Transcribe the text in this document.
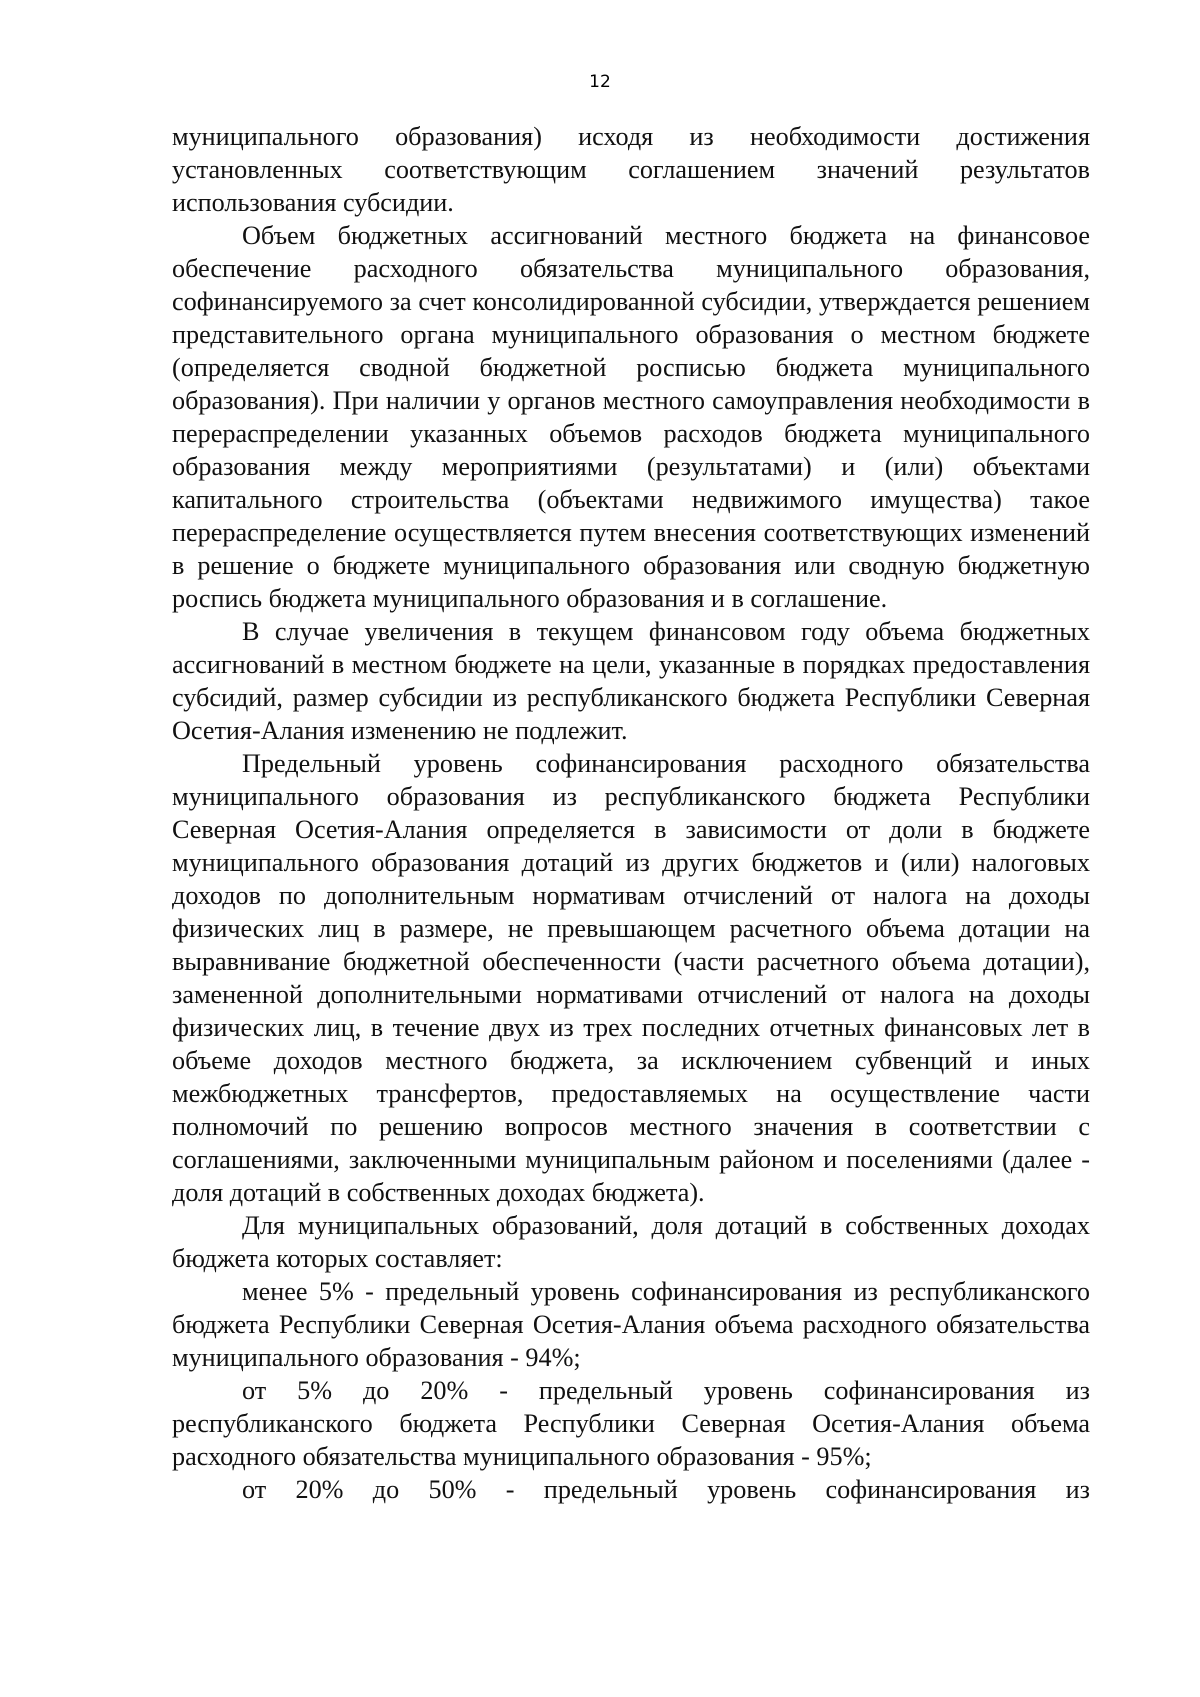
12

муниципального образования) исходя из необходимости достижения установленных соответствующим соглашением значений результатов использования субсидии.

Объем бюджетных ассигнований местного бюджета на финансовое обеспечение расходного обязательства муниципального образования, софинансируемого за счет консолидированной субсидии, утверждается решением представительного органа муниципального образования о местном бюджете (определяется сводной бюджетной росписью бюджета муниципального образования). При наличии у органов местного самоуправления необходимости в перераспределении указанных объемов расходов бюджета муниципального образования между мероприятиями (результатами) и (или) объектами капитального строительства (объектами недвижимого имущества) такое перераспределение осуществляется путем внесения соответствующих изменений в решение о бюджете муниципального образования или сводную бюджетную роспись бюджета муниципального образования и в соглашение.

В случае увеличения в текущем финансовом году объема бюджетных ассигнований в местном бюджете на цели, указанные в порядках предоставления субсидий, размер субсидии из республиканского бюджета Республики Северная Осетия-Алания изменению не подлежит.

Предельный уровень софинансирования расходного обязательства муниципального образования из республиканского бюджета Республики Северная Осетия-Алания определяется в зависимости от доли в бюджете муниципального образования дотаций из других бюджетов и (или) налоговых доходов по дополнительным нормативам отчислений от налога на доходы физических лиц в размере, не превышающем расчетного объема дотации на выравнивание бюджетной обеспеченности (части расчетного объема дотации), замененной дополнительными нормативами отчислений от налога на доходы физических лиц, в течение двух из трех последних отчетных финансовых лет в объеме доходов местного бюджета, за исключением субвенций и иных межбюджетных трансфертов, предоставляемых на осуществление части полномочий по решению вопросов местного значения в соответствии с соглашениями, заключенными муниципальным районом и поселениями (далее - доля дотаций в собственных доходах бюджета).

Для муниципальных образований, доля дотаций в собственных доходах бюджета которых составляет:

менее 5% - предельный уровень софинансирования из республиканского бюджета Республики Северная Осетия-Алания объема расходного обязательства муниципального образования - 94%;

от 5% до 20% - предельный уровень софинансирования из республиканского бюджета Республики Северная Осетия-Алания объема расходного обязательства муниципального образования - 95%;

от 20% до 50% - предельный уровень софинансирования из
